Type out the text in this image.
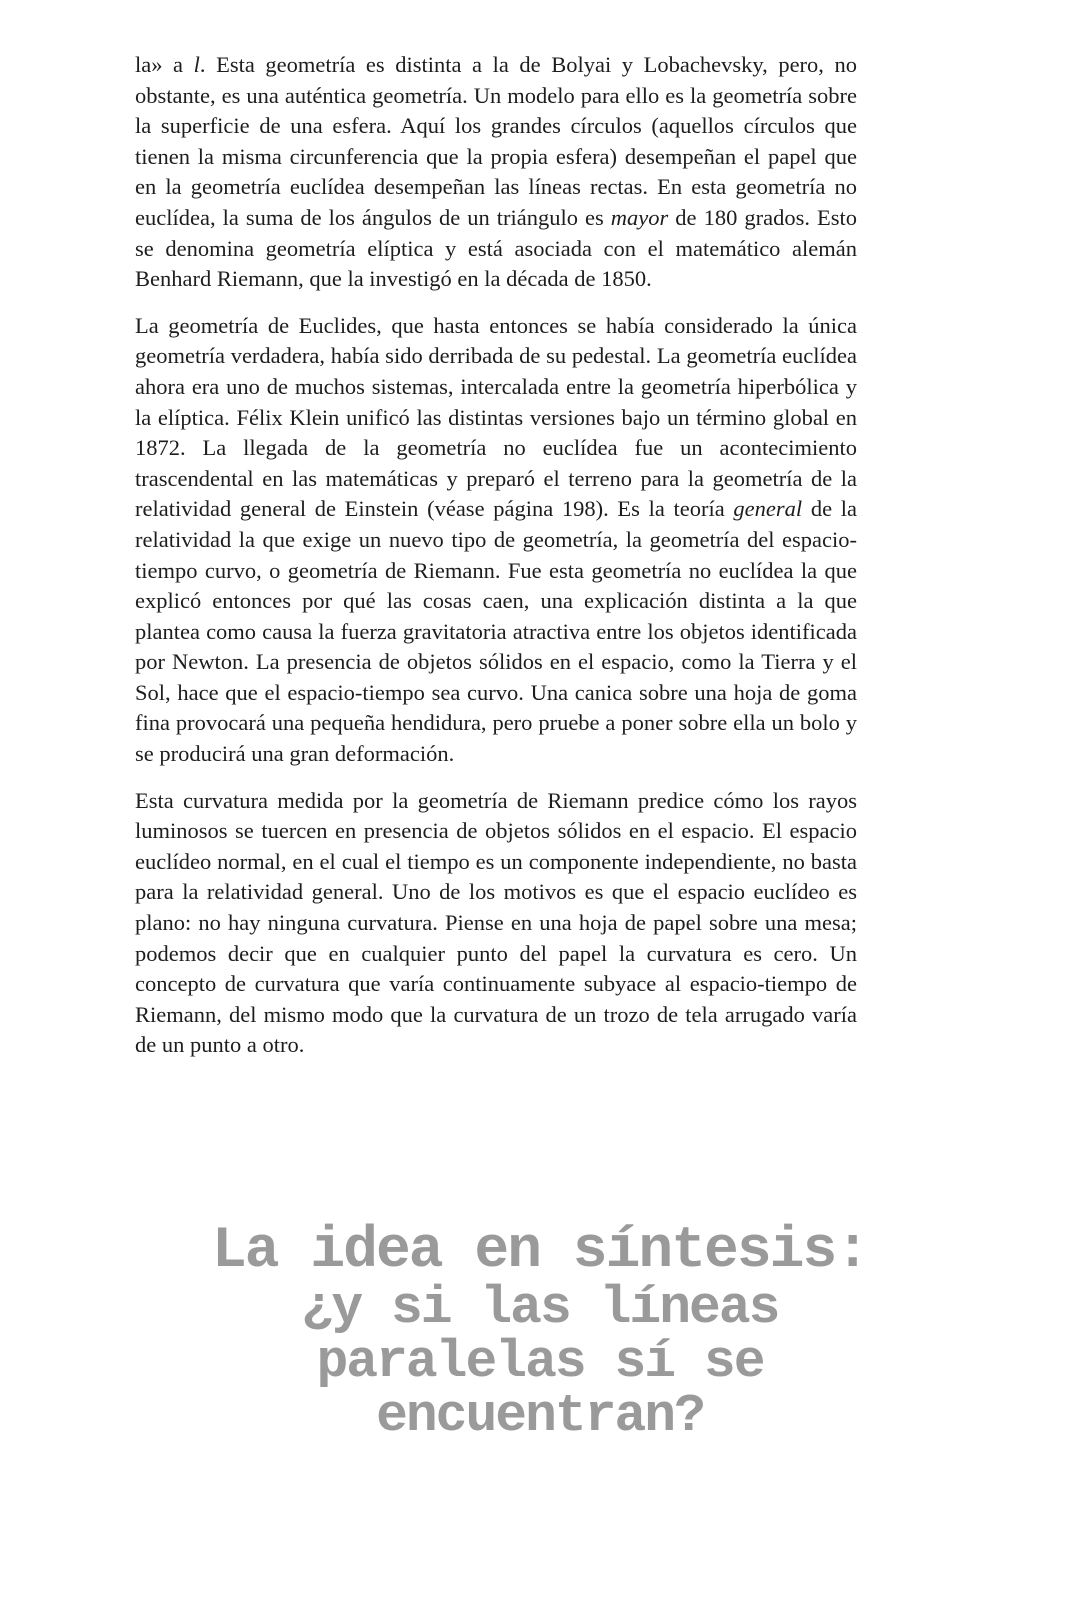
la» a l. Esta geometría es distinta a la de Bolyai y Lobachevsky, pero, no obstante, es una auténtica geometría. Un modelo para ello es la geometría sobre la superficie de una esfera. Aquí los grandes círculos (aquellos círculos que tienen la misma circunferencia que la propia esfera) desempeñan el papel que en la geometría euclídea desempeñan las líneas rectas. En esta geometría no euclídea, la suma de los ángulos de un triángulo es mayor de 180 grados. Esto se denomina geometría elíptica y está asociada con el matemático alemán Benhard Riemann, que la investigó en la década de 1850.

La geometría de Euclides, que hasta entonces se había considerado la única geometría verdadera, había sido derribada de su pedestal. La geometría euclídea ahora era uno de muchos sistemas, intercalada entre la geometría hiperbólica y la elíptica. Félix Klein unificó las distintas versiones bajo un término global en 1872. La llegada de la geometría no euclídea fue un acontecimiento trascendental en las matemáticas y preparó el terreno para la geometría de la relatividad general de Einstein (véase página 198). Es la teoría general de la relatividad la que exige un nuevo tipo de geometría, la geometría del espacio-tiempo curvo, o geometría de Riemann. Fue esta geometría no euclídea la que explicó entonces por qué las cosas caen, una explicación distinta a la que plantea como causa la fuerza gravitatoria atractiva entre los objetos identificada por Newton. La presencia de objetos sólidos en el espacio, como la Tierra y el Sol, hace que el espacio-tiempo sea curvo. Una canica sobre una hoja de goma fina provocará una pequeña hendidura, pero pruebe a poner sobre ella un bolo y se producirá una gran deformación.

Esta curvatura medida por la geometría de Riemann predice cómo los rayos luminosos se tuercen en presencia de objetos sólidos en el espacio. El espacio euclídeo normal, en el cual el tiempo es un componente independiente, no basta para la relatividad general. Uno de los motivos es que el espacio euclídeo es plano: no hay ninguna curvatura. Piense en una hoja de papel sobre una mesa; podemos decir que en cualquier punto del papel la curvatura es cero. Un concepto de curvatura que varía continuamente subyace al espacio-tiempo de Riemann, del mismo modo que la curvatura de un trozo de tela arrugado varía de un punto a otro.

La idea en síntesis:
¿y si las líneas
paralelas sí se
encuentran?
